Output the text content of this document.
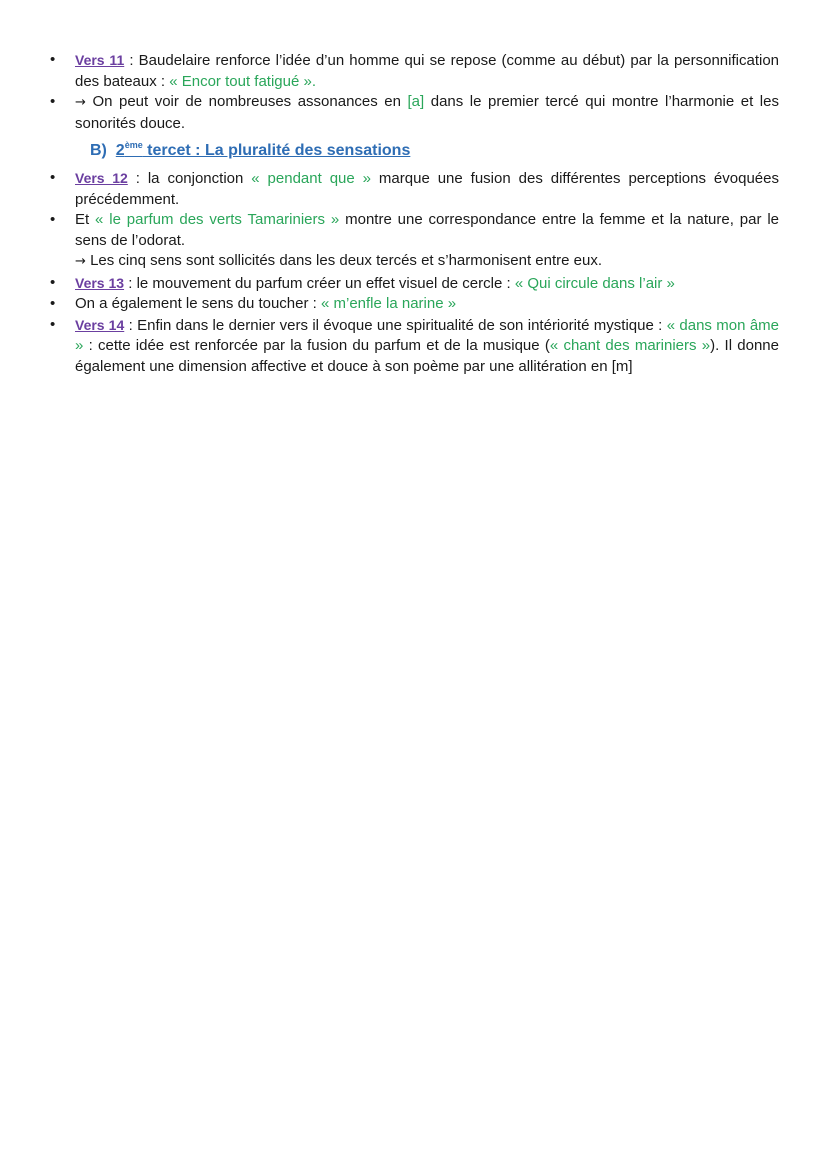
• Vers 11 : Baudelaire renforce l’idée d’un homme qui se repose (comme au début) par la personnification des bateaux : « Encor tout fatigué ».
• → On peut voir de nombreuses assonances en [a] dans le premier tercé qui montre l’harmonie et les sonorités douce.
B) 2ème tercet : La pluralité des sensations
• Vers 12 : la conjonction « pendant que » marque une fusion des différentes perceptions évoquées précédemment.
• Et « le parfum des verts Tamariniers » montre une correspondance entre la femme et la nature, par le sens de l’odorat.
→ Les cinq sens sont sollicités dans les deux tercés et s’harmonisent entre eux.
• Vers 13 : le mouvement du parfum créer un effet visuel de cercle : « Qui circule dans l’air »
• On a également le sens du toucher : « m’enfle la narine »
• Vers 14 : Enfin dans le dernier vers il évoque une spiritualité de son intériorité mystique : « dans mon âme » : cette idée est renforcée par la fusion du parfum et de la musique (« chant des mariniers »). Il donne également une dimension affective et douce à son poème par une allitération en [m]
